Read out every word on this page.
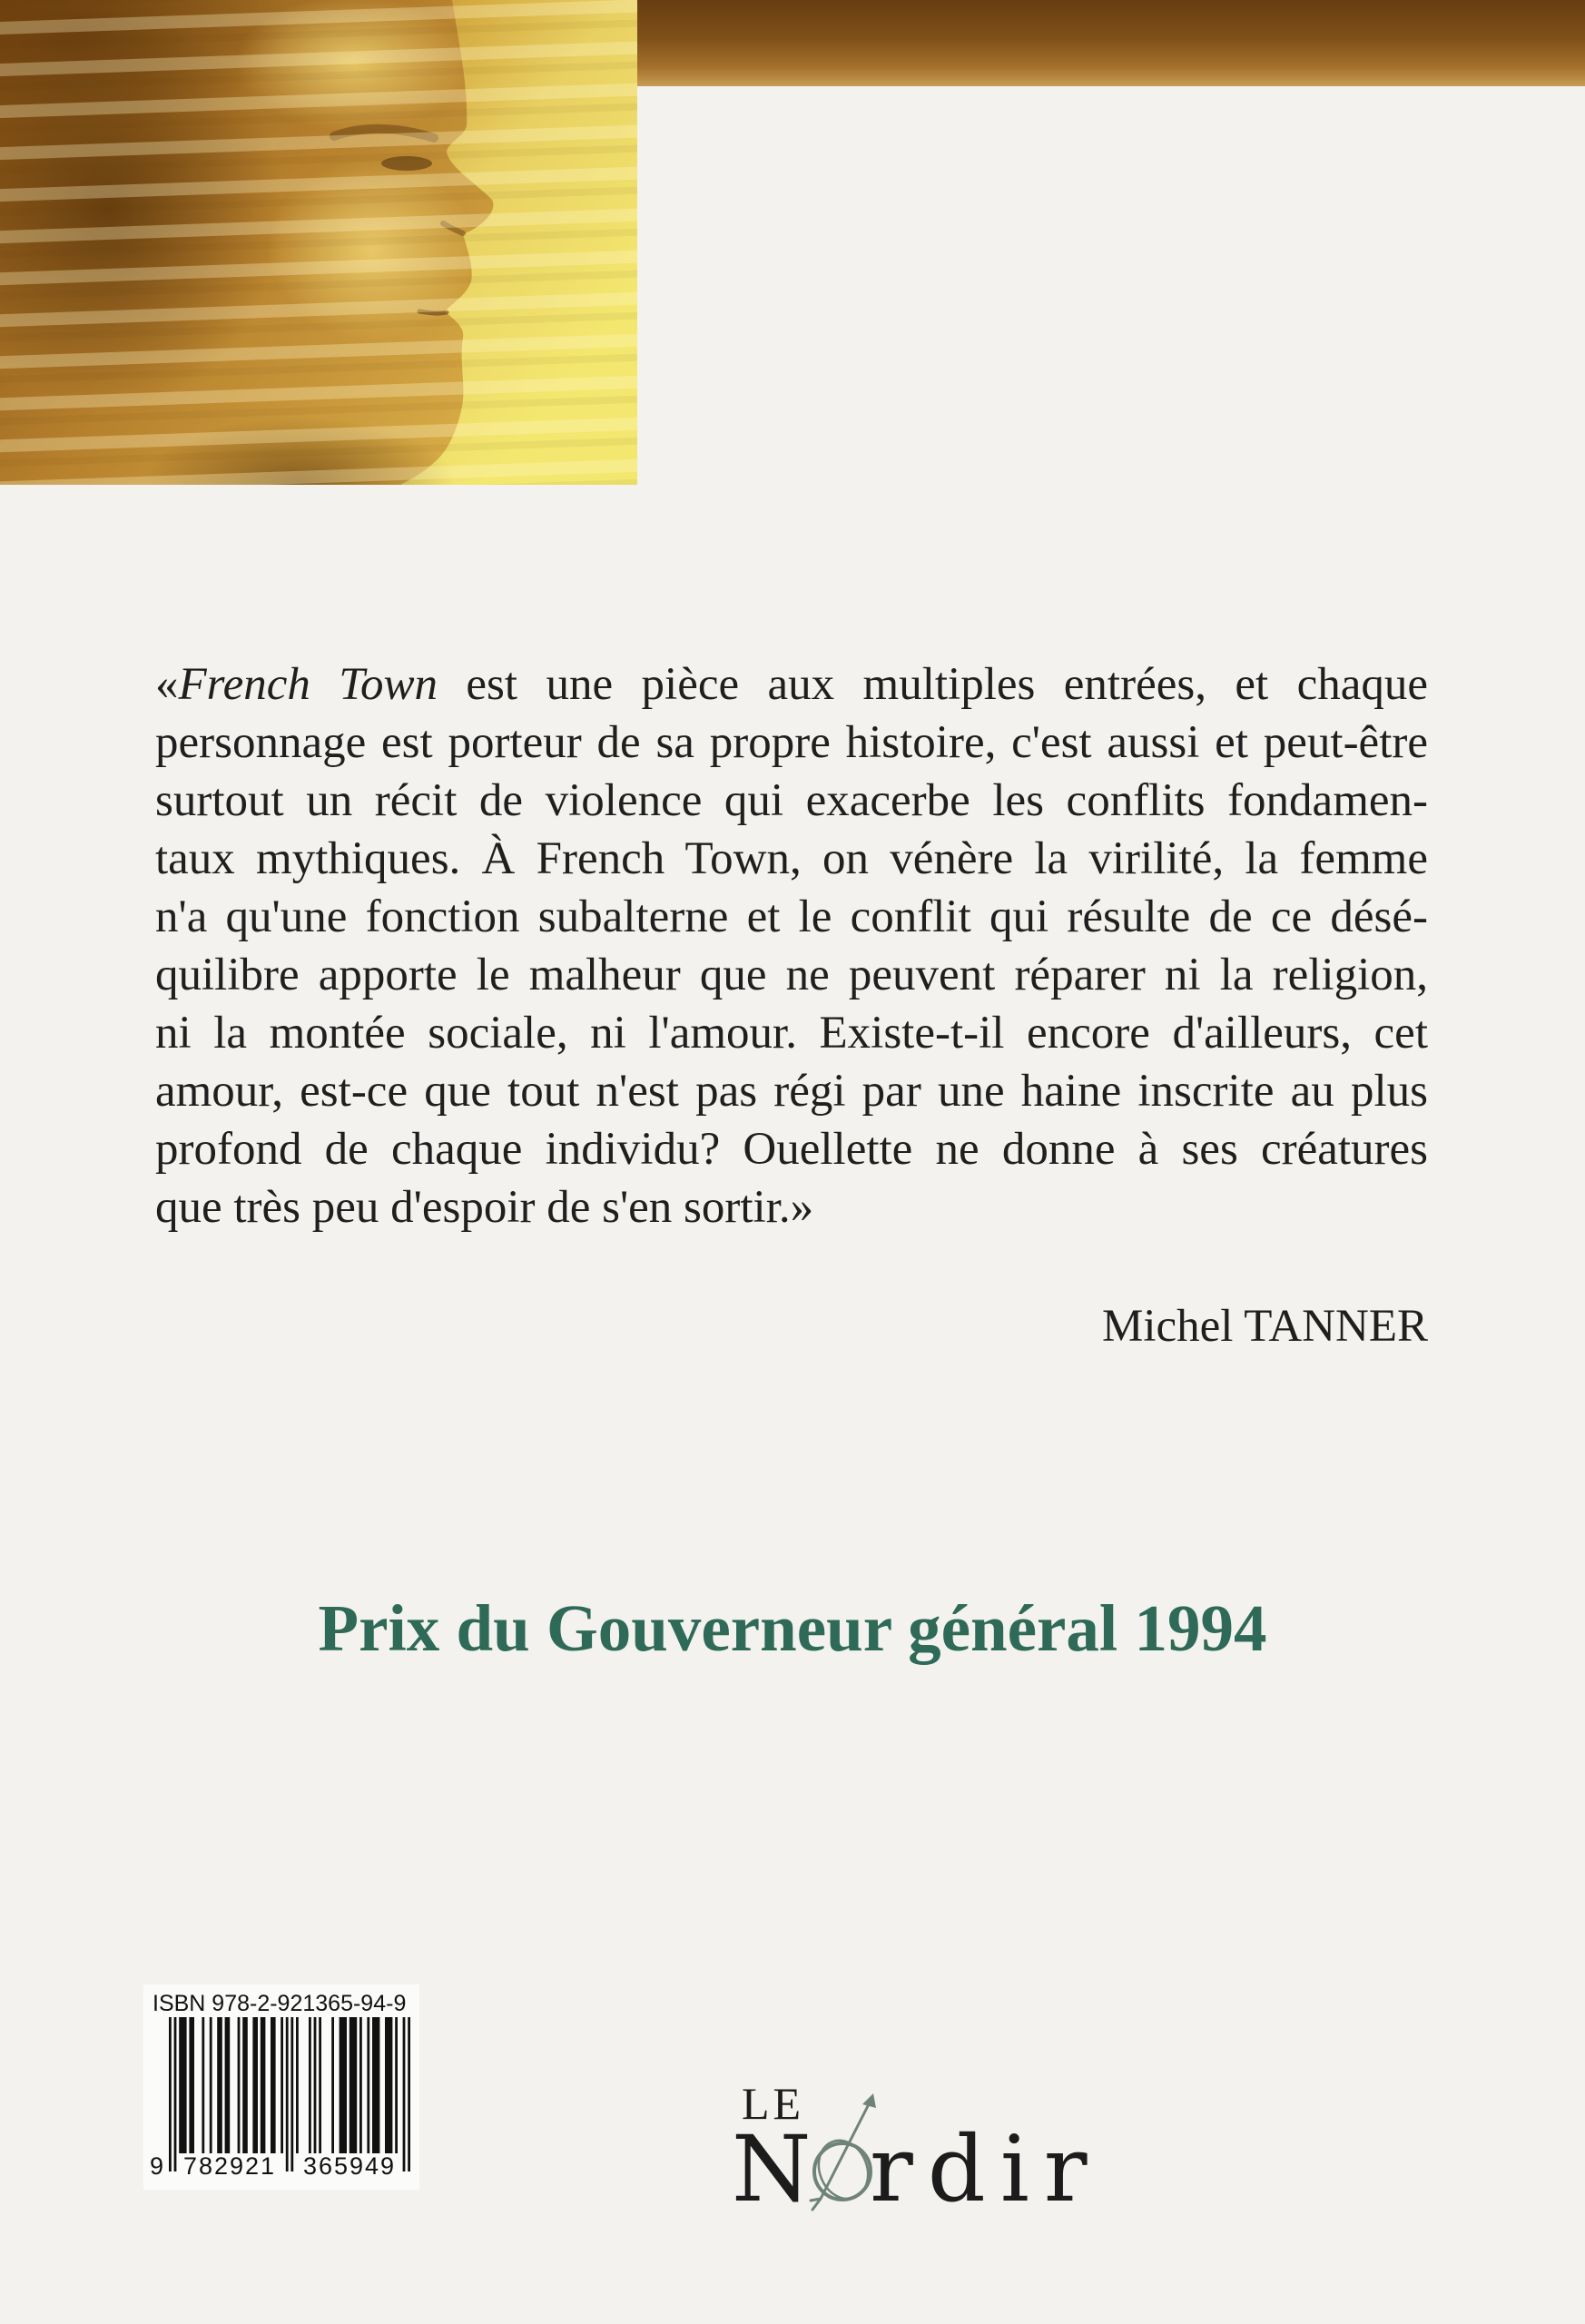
«French Town est une pièce aux multiples entrées, et chaque
personnage est porteur de sa propre histoire, c'est aussi et peut-être
surtout un récit de violence qui exacerbe les conflits fondamen-
taux mythiques. À French Town, on vénère la virilité, la femme
n'a qu'une fonction subalterne et le conflit qui résulte de ce désé-
quilibre apporte le malheur que ne peuvent réparer ni la religion,
ni la montée sociale, ni l'amour. Existe-t-il encore d'ailleurs, cet
amour, est-ce que tout n'est pas régi par une haine inscrite au plus
profond de chaque individu? Ouellette ne donne à ses créatures
que très peu d'espoir de s'en sortir.»
Michel TANNER
Prix du Gouverneur général 1994
ISBN 978-2-921365-94-9
9 782921 365949
LE
N rdir
